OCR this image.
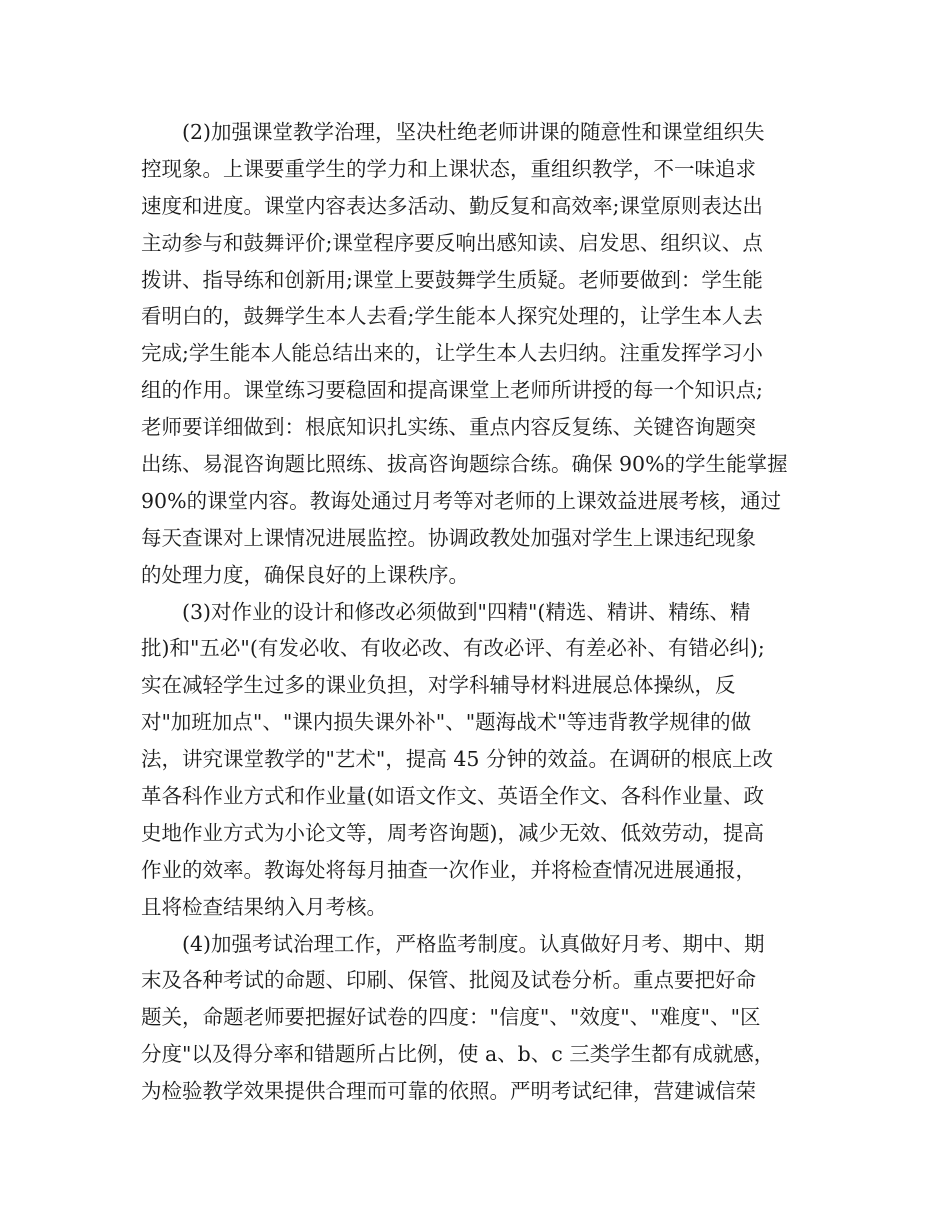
(2)加强课堂教学治理，坚决杜绝老师讲课的随意性和课堂组织失
控现象。上课要重学生的学力和上课状态，重组织教学，不一味追求
速度和进度。课堂内容表达多活动、勤反复和高效率;课堂原则表达出
主动参与和鼓舞评价;课堂程序要反响出感知读、启发思、组织议、点
拨讲、指导练和创新用;课堂上要鼓舞学生质疑。老师要做到：学生能
看明白的，鼓舞学生本人去看;学生能本人探究处理的，让学生本人去
完成;学生能本人能总结出来的，让学生本人去归纳。注重发挥学习小
组的作用。课堂练习要稳固和提高课堂上老师所讲授的每一个知识点;
老师要详细做到：根底知识扎实练、重点内容反复练、关键咨询题突
出练、易混咨询题比照练、拔高咨询题综合练。确保 90%的学生能掌握
90%的课堂内容。教诲处通过月考等对老师的上课效益进展考核，通过
每天查课对上课情况进展监控。协调政教处加强对学生上课违纪现象
的处理力度，确保良好的上课秩序。
(3)对作业的设计和修改必须做到"四精"(精选、精讲、精练、精
批)和"五必"(有发必收、有收必改、有改必评、有差必补、有错必纠);
实在减轻学生过多的课业负担，对学科辅导材料进展总体操纵，反
对"加班加点"、"课内损失课外补"、"题海战术"等违背教学规律的做
法，讲究课堂教学的"艺术"，提高 45 分钟的效益。在调研的根底上改
革各科作业方式和作业量(如语文作文、英语全作文、各科作业量、政
史地作业方式为小论文等，周考咨询题)，减少无效、低效劳动，提高
作业的效率。教诲处将每月抽查一次作业，并将检查情况进展通报，
且将检查结果纳入月考核。
(4)加强考试治理工作，严格监考制度。认真做好月考、期中、期
末及各种考试的命题、印刷、保管、批阅及试卷分析。重点要把好命
题关，命题老师要把握好试卷的四度："信度"、"效度"、"难度"、"区
分度"以及得分率和错题所占比例，使 a、b、c 三类学生都有成就感，
为检验教学效果提供合理而可靠的依照。严明考试纪律，营建诚信荣
